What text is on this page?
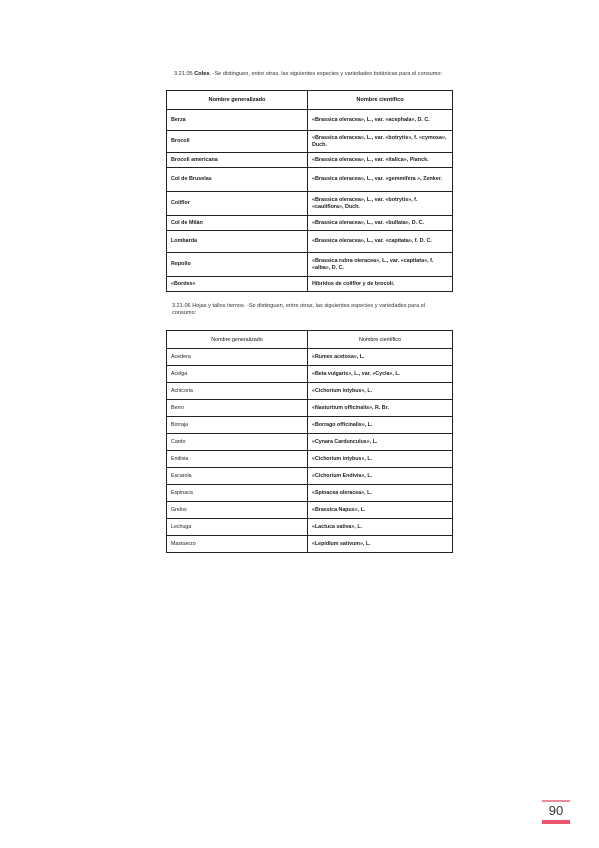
3.21.05 Coles. -Se distinguen, entre otras, las siguientes especies y variedades botánicas para el consumo:
Nombre generalizado	Nombre científico
Berza	«Brassica oleracea», L., var. «acephala», D. C.
Brocoli	«Brassica oleracea», L., var. «botrytis», f. «cymosa», Duch.
Brocoli americana	«Brassica oleracea», L., var. «italica», Planck.
Col de Bruselas	«Brassica oleracea», L., var. «gemmifera », Zenker.
Coliflor	«Brassica oleracea», L., var. «botrytis», f. «cauliflora», Duch.
Col de Milán	«Brassica oleracea», L., var. «bullata», D. C.
Lombarda	«Brassica oleracea», L., var. «capitata», f. D. C.
Repollo	«Brassica rubra oleracea», L., var. «capitata», f. «alba», D. C.
«Bordes»	Híbridos de coliflor y de brocoli.
3.21.06 Hojas y tallos tiernos. -Se distinguen, entre otras, las siguientes especies y variedades para el consumo:
Nombre generalizado	Nombre científico
Acedera	«Rumex acetosa», L.
Acelga	«Beta vulgaris», L., var. «Cycla», L.
Achicoria	«Cichorium intybus», L.
Berro	«Nasturtium officinalis», R. Br.
Borraja	«Borrago officinalis», L.
Cardo	«Cynara Cardunculus», L.
Endivia	«Cichorium intybus», L.
Escarola	«Cichorium Endivia», L.
Espinaca	«Spinacea oleracea», L.
Grelos	«Brassica Napus», L.
Lechuga	«Lactuca sativa», L.
Mastuerzo	«Lepidium sativum», L.
90
